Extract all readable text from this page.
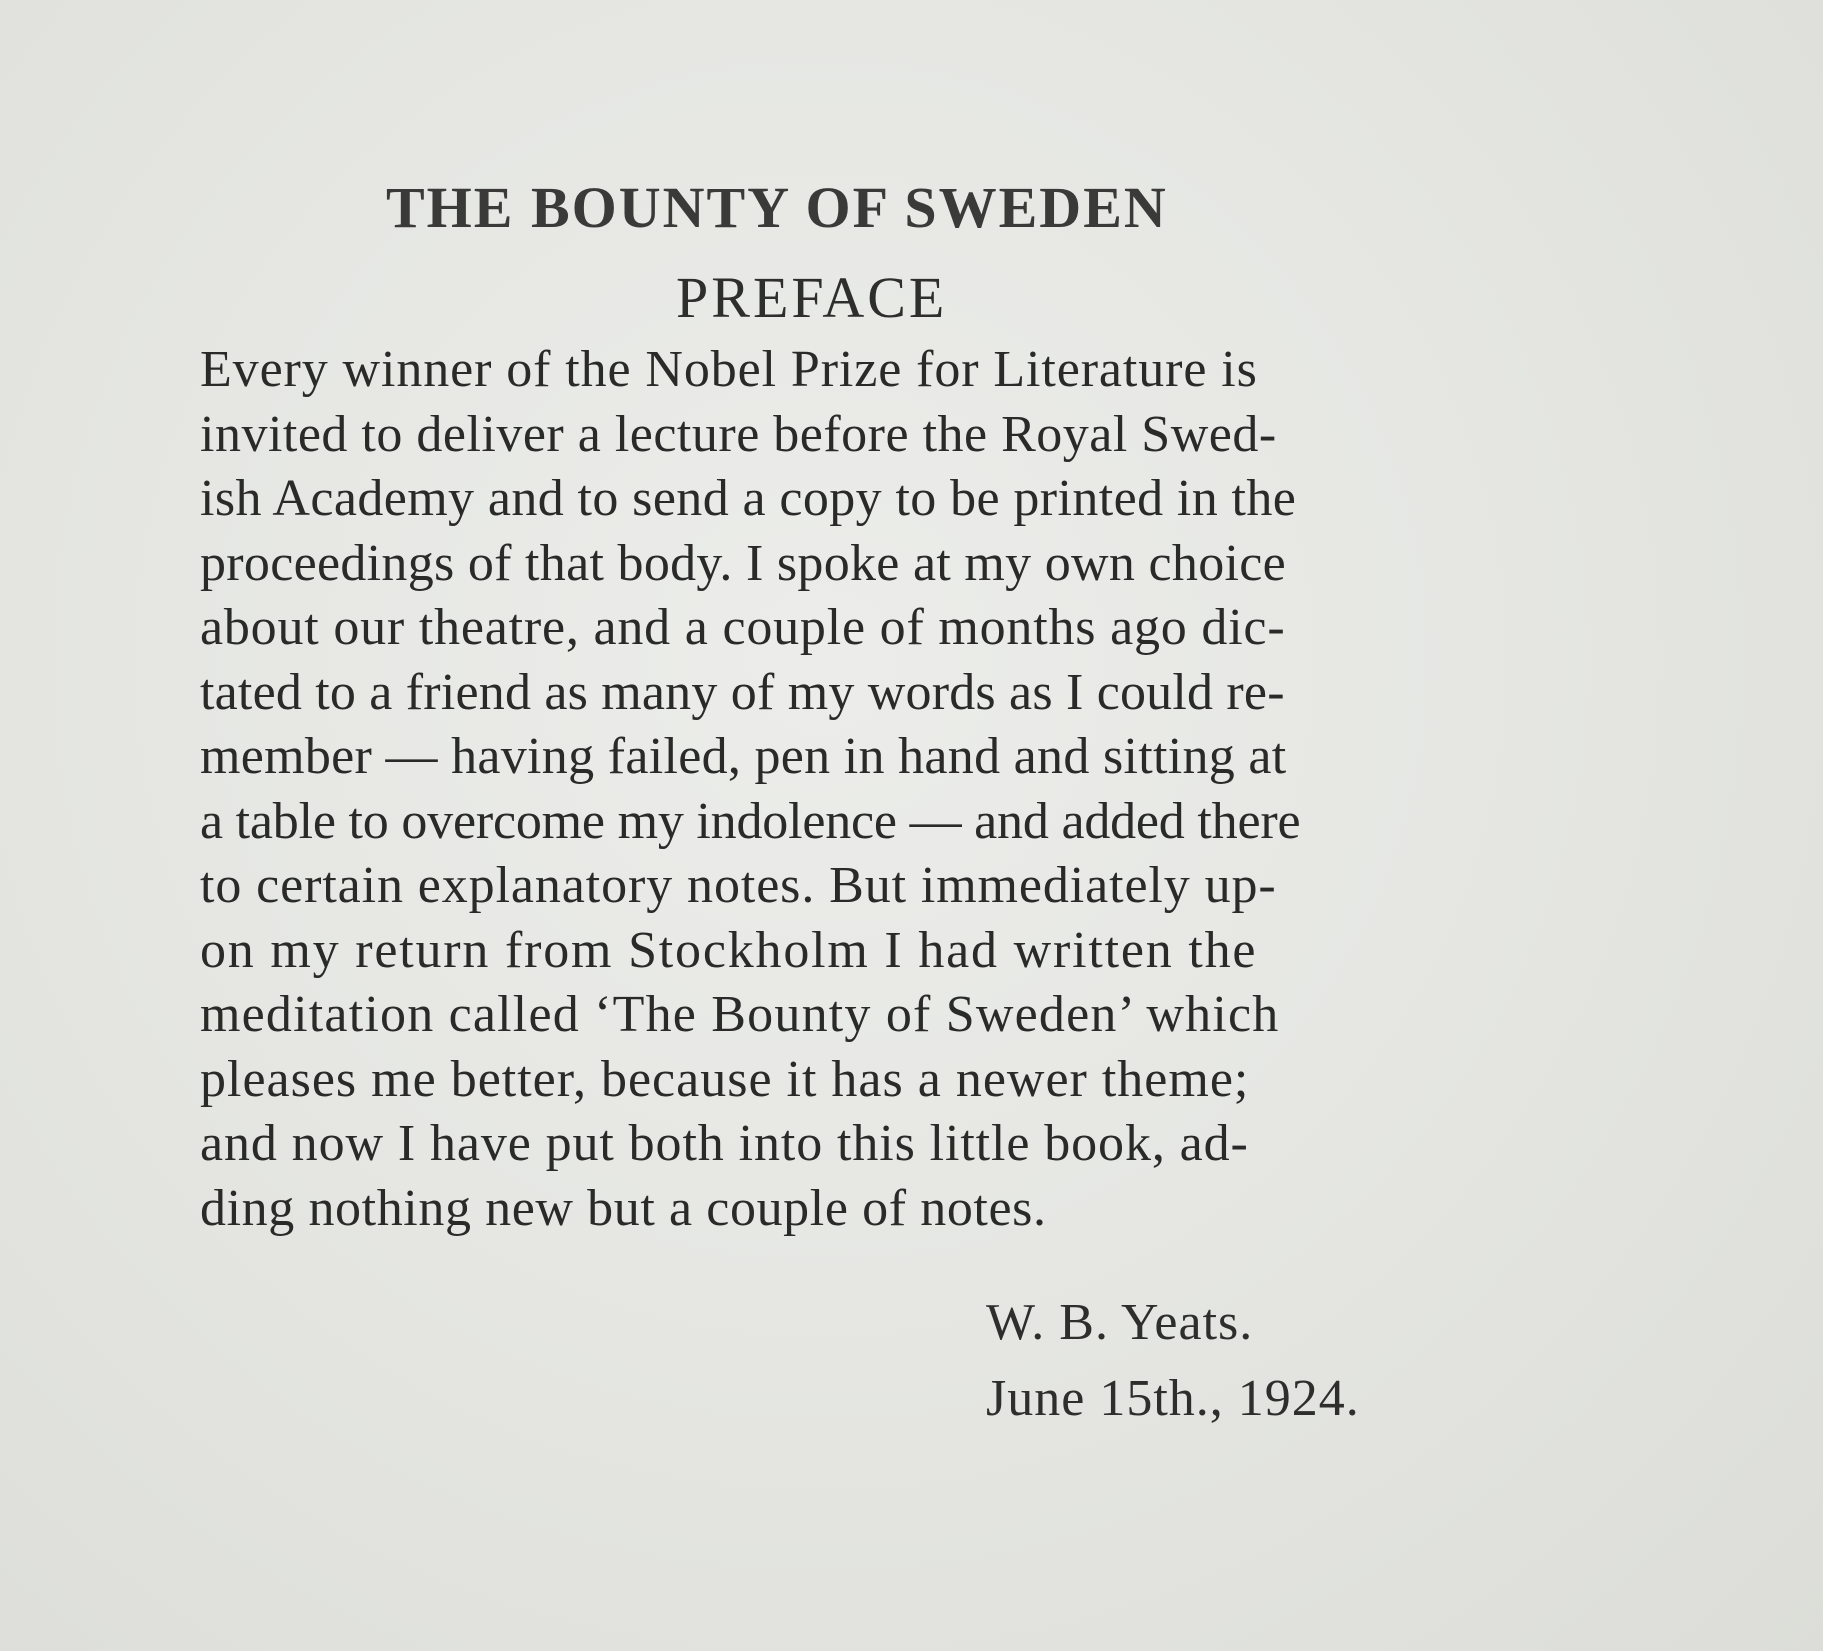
THE BOUNTY OF SWEDEN
PREFACE
Every winner of the Nobel Prize for Literature is
invited to deliver a lecture before the Royal Swed-
ish Academy and to send a copy to be printed in the
proceedings of that body. I spoke at my own choice
about our theatre, and a couple of months ago dic-
tated to a friend as many of my words as I could re-
member — having failed, pen in hand and sitting at
a table to overcome my indolence — and added there
to certain explanatory notes. But immediately up-
on my return from Stockholm I had written the
meditation called ‘The Bounty of Sweden’ which
pleases me better, because it has a newer theme;
and now I have put both into this little book, ad-
ding nothing new but a couple of notes.
W. B. Yeats.
June 15th., 1924.
